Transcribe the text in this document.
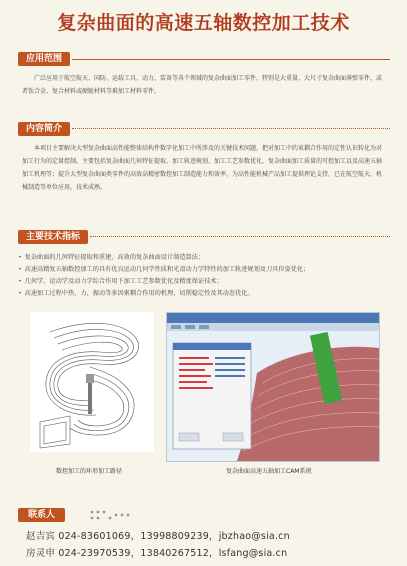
复杂曲面的高速五轴数控加工技术
应用范围
广泛应用于航空航天、国防、运载工具、动力、装备等各个领域的复杂曲面加工零件，特别是大重量、大尺寸复杂曲面薄壁零件，或者钛合金、复合材料或硬脆材料等难加工材料零件。
内容简介
本项目主要解决大型复杂曲面高性能整体结构件数字化加工中所涉及的关键技术问题，把对加工中约束耦合作用的定性认识转化为对加工行为的定量控制。主要包括复杂曲面几何特征提取、加工轨迹规划、加工工艺参数优化、复杂曲面加工质量的可控加工以及高速五轴加工机理等；提升大型复杂曲面类零件的高效高精密数控加工制造能力和效率，为高性能机械产品加工提供理论支持，已在航空航天、机械制造等单位应用，技术成熟。
主要技术指标
• 复杂曲面的几何特征提取和重建，高效的复杂曲面设计制造算法；
• 高速高精复五轴数控加工的具有优良运动几何学性质和光滑动力学特性的加工轨迹规划及刀具位姿优化；
• 几何学、运动学及动力学综合作用下加工工艺参数优化及精度保证技术；
• 高速加工过程中热、力、振动等多因素耦合作用的机理，切削稳定性及其动态优化。
数控加工的环形加工路径	复杂曲面高速五轴加工CAM系统
联系人
赵吉宾 024-83601069，13998809239，jbzhao@sia.cn
房灵申 024-23970539，13840267512，lsfang@sia.cn
